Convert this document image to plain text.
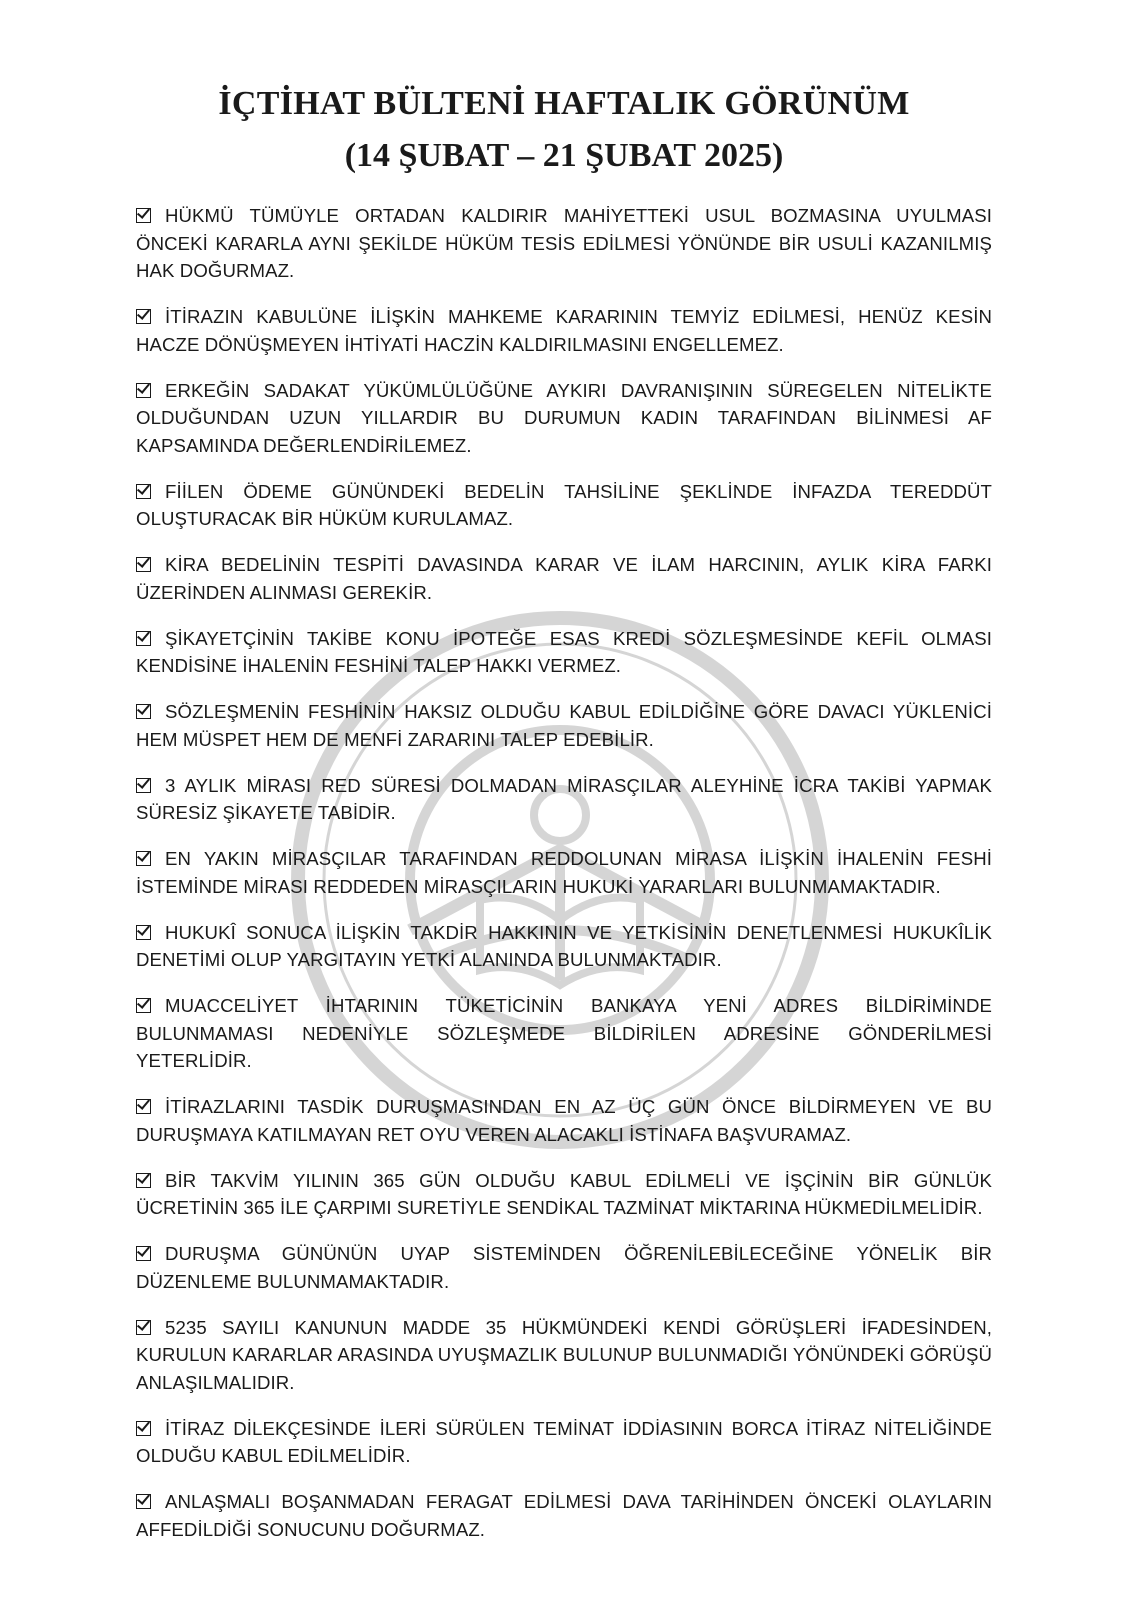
İÇTİHAT BÜLTENİ HAFTALIK GÖRÜNÜM
(14 ŞUBAT – 21 ŞUBAT 2025)
HÜKMÜ TÜMÜYLE ORTADAN KALDIRIR MAHİYETTEKİ USUL BOZMASINA UYULMASI ÖNCEKİ KARARLA AYNI ŞEKİLDE HÜKÜM TESİS EDİLMESİ YÖNÜNDE BİR USULİ KAZANILMIŞ HAK DOĞURMAZ.
İTİRAZIN KABULÜNE İLİŞKİN MAHKEME KARARININ TEMYİZ EDİLMESİ, HENÜZ KESİN HACZE DÖNÜŞMEYEN İHTİYATİ HACZİN KALDIRILMASINI ENGELLEMEZ.
ERKEĞİN SADAKAT YÜKÜMLÜLÜĞÜNE AYKIRI DAVRANIŞININ SÜREGELEN NİTELİKTE OLDUĞUNDAN UZUN YILLARDIR BU DURUMUN KADIN TARAFINDAN BİLİNMESİ AF KAPSAMINDA DEĞERLENDİRİLEMEZ.
FİİLEN ÖDEME GÜNÜNDEKİ BEDELİN TAHSİLİNE ŞEKLİNDE İNFAZDA TEREDDÜT OLUŞTURACAK BİR HÜKÜM KURULAMAZ.
KİRA BEDELİNİN TESPİTİ DAVASINDA KARAR VE İLAM HARCININ, AYLIK KİRA FARKI ÜZERİNDEN ALINMASI GEREKİR.
ŞİKAYETÇİNİN TAKİBE KONU İPOTEĞE ESAS KREDİ SÖZLEŞMESİNDE KEFİL OLMASI KENDİSİNE İHALENİN FESHİNİ TALEP HAKKI VERMEZ.
SÖZLEŞMENİN FESHİNİN HAKSIZ OLDUĞU KABUL EDİLDİĞİNE GÖRE DAVACI YÜKLENİCİ HEM MÜSPET HEM DE MENFİ ZARARINI TALEP EDEBİLİR.
3 AYLIK MİRASI RED SÜRESİ DOLMADAN MİRASÇILAR ALEYHİNE İCRA TAKİBİ YAPMAK SÜRESİZ ŞİKAYETE TABİDİR.
EN YAKIN MİRASÇILAR TARAFINDAN REDDOLUNAN MİRASA İLİŞKİN İHALENİN FESHİ İSTEMİNDE MİRASI REDDEDEN MİRASÇILARIN HUKUKİ YARARLARI BULUNMAMAKTADIR.
HUKUKÎ SONUCA İLİŞKİN TAKDİR HAKKININ VE YETKİSİNİN DENETLENMESİ HUKUKÎLİK DENETİMİ OLUP YARGITAYIN YETKİ ALANINDA BULUNMAKTADIR.
MUACCELİYET İHTARININ TÜKETİCİNİN BANKAYA YENİ ADRES BİLDİRİMİNDE BULUNMAMASI NEDENİYLE SÖZLEŞMEDE BİLDİRİLEN ADRESİNE GÖNDERİLMESİ YETERLİDİR.
İTİRAZLARINI TASDİK DURUŞMASINDAN EN AZ ÜÇ GÜN ÖNCE BİLDİRMEYEN VE BU DURUŞMAYA KATILMAYAN RET OYU VEREN ALACAKLI İSTİNAFA BAŞVURAMAZ.
BİR TAKVİM YILININ 365 GÜN OLDUĞU KABUL EDİLMELİ VE İŞÇİNİN BİR GÜNLÜK ÜCRETİNİN 365 İLE ÇARPIMI SURETİYLE SENDİKAL TAZMİNAT MİKTARINA HÜKMEDİLMELİDİR.
DURUŞMA GÜNÜNÜN UYAP SİSTEMİNDEN ÖĞRENİLEBİLECEĞİNE YÖNELİK BİR DÜZENLEME BULUNMAMAKTADIR.
5235 SAYILI KANUNUN MADDE 35 HÜKMÜNDEKİ KENDİ GÖRÜŞLERİ İFADESİNDEN, KURULUN KARARLAR ARASINDA UYUŞMAZLIK BULUNUP BULUNMADIĞI YÖNÜNDEKİ GÖRÜŞÜ ANLAŞILMALIDIR.
İTİRAZ DİLEKÇESİNDE İLERİ SÜRÜLEN TEMİNAT İDDİASININ BORCA İTİRAZ NİTELİĞİNDE OLDUĞU KABUL EDİLMELİDİR.
ANLAŞMALI BOŞANMADAN FERAGAT EDİLMESİ DAVA TARİHİNDEN ÖNCEKİ OLAYLARIN AFFEDİLDİĞİ SONUCUNU DOĞURMAZ.
